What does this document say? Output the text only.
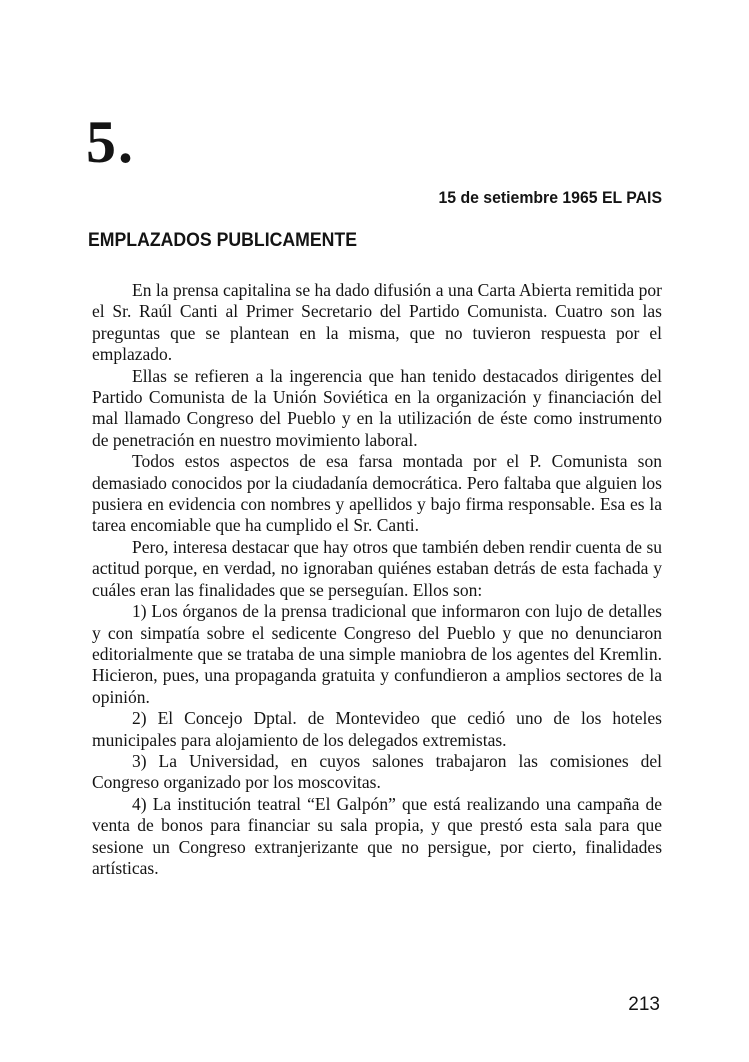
5.
15 de setiembre 1965 EL PAIS
EMPLAZADOS PUBLICAMENTE

En la prensa capitalina se ha dado difusión a una Carta Abierta remitida por el Sr. Raúl Canti al Primer Secretario del Partido Comunista. Cuatro son las preguntas que se plantean en la misma, que no tuvieron respuesta por el emplazado.

Ellas se refieren a la ingerencia que han tenido destacados dirigentes del Partido Comunista de la Unión Soviética en la organización y financiación del mal llamado Congreso del Pueblo y en la utilización de éste como instrumento de penetración en nuestro movimiento laboral.

Todos estos aspectos de esa farsa montada por el P. Comunista son demasiado conocidos por la ciudadanía democrática. Pero faltaba que alguien los pusiera en evidencia con nombres y apellidos y bajo firma responsable. Esa es la tarea encomiable que ha cumplido el Sr. Canti.

Pero, interesa destacar que hay otros que también deben rendir cuenta de su actitud porque, en verdad, no ignoraban quiénes estaban detrás de esta fachada y cuáles eran las finalidades que se perseguían. Ellos son:

1) Los órganos de la prensa tradicional que informaron con lujo de detalles y con simpatía sobre el sedicente Congreso del Pueblo y que no denunciaron editorialmente que se trataba de una simple maniobra de los agentes del Kremlin. Hicieron, pues, una propaganda gratuita y confundieron a amplios sectores de la opinión.

2) El Concejo Dptal. de Montevideo que cedió uno de los hoteles municipales para alojamiento de los delegados extremistas.

3) La Universidad, en cuyos salones trabajaron las comisiones del Congreso organizado por los moscovitas.

4) La institución teatral “El Galpón” que está realizando una campaña de venta de bonos para financiar su sala propia, y que prestó esta sala para que sesione un Congreso extranjerizante que no persigue, por cierto, finalidades artísticas.

213
